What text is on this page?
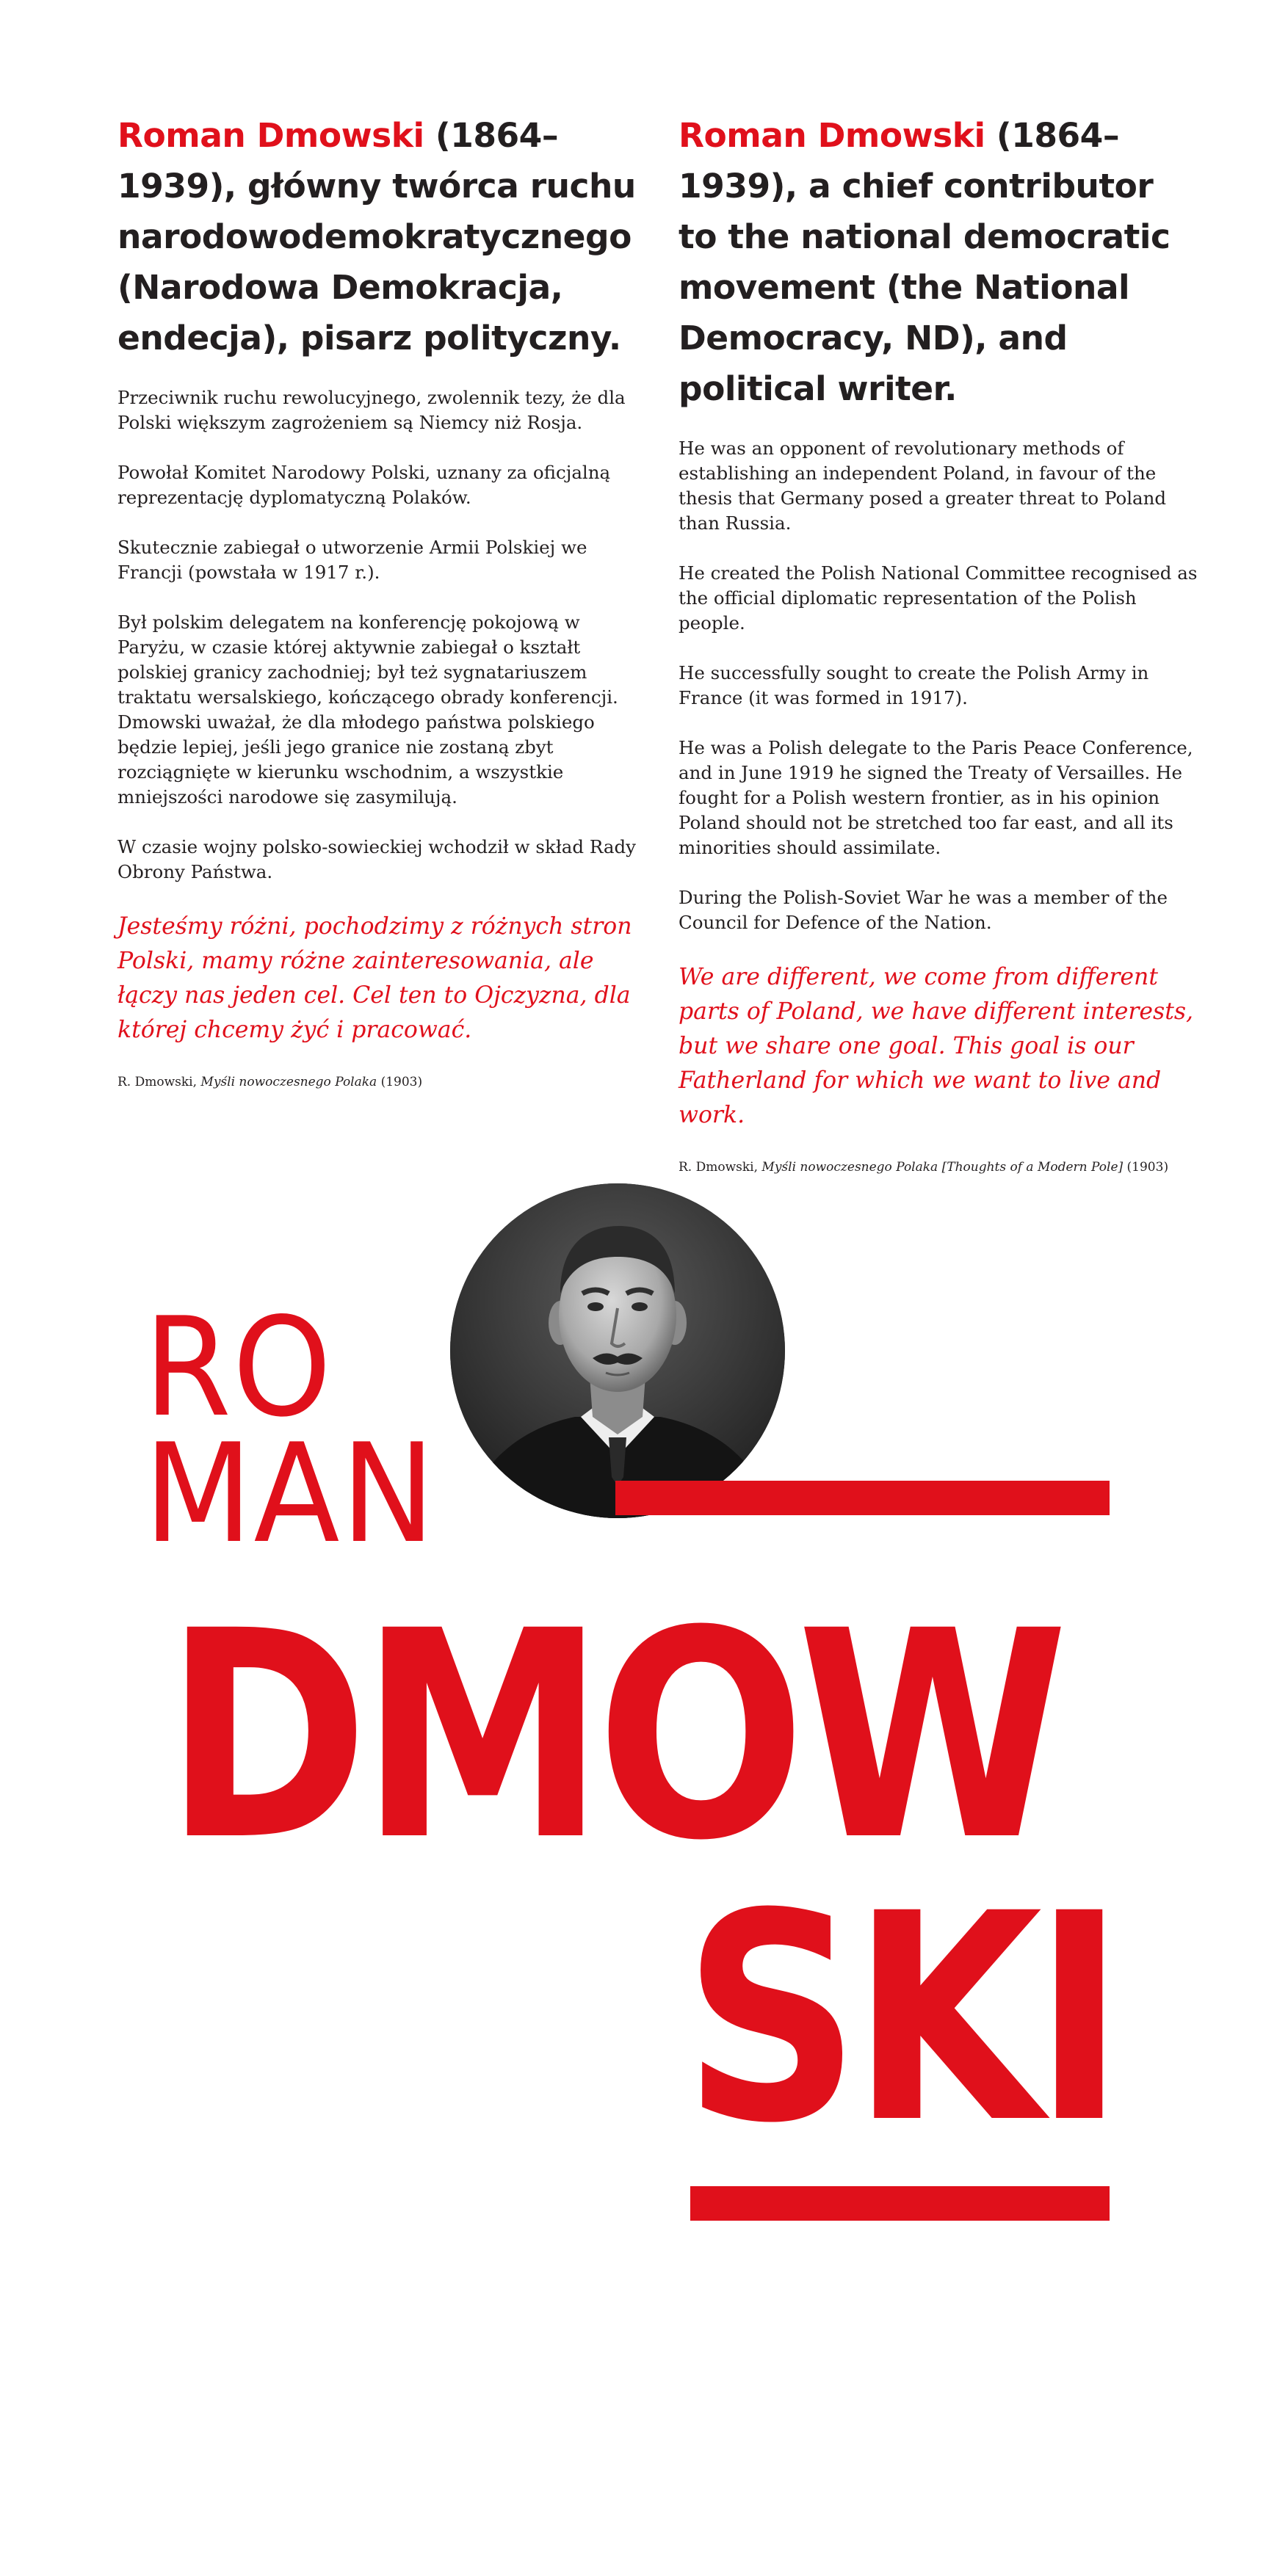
Roman Dmowski (1864–1939), główny twórca ruchu narodowodemokratycznego (Narodowa Demokracja, endecja), pisarz polityczny.

Przeciwnik ruchu rewolucyjnego, zwolennik tezy, że dla Polski większym zagrożeniem są Niemcy niż Rosja.

Powołał Komitet Narodowy Polski, uznany za oficjalną reprezentację dyplomatyczną Polaków.

Skutecznie zabiegał o utworzenie Armii Polskiej we Francji (powstała w 1917 r.).

Był polskim delegatem na konferencję pokojową w Paryżu, w czasie której aktywnie zabiegał o kształt polskiej granicy zachodniej; był też sygnatariuszem traktatu wersalskiego, kończącego obrady konferencji. Dmowski uważał, że dla młodego państwa polskiego będzie lepiej, jeśli jego granice nie zostaną zbyt rozciągnięte w kierunku wschodnim, a wszystkie mniejszości narodowe się zasymilują.

W czasie wojny polsko-sowieckiej wchodził w skład Rady Obrony Państwa.

Jesteśmy różni, pochodzimy z różnych stron Polski, mamy różne zainteresowania, ale łączy nas jeden cel. Cel ten to Ojczyzna, dla której chcemy żyć i pracować.

R. Dmowski, Myśli nowoczesnego Polaka (1903)
Roman Dmowski (1864–1939), a chief contributor to the national democratic movement (the National Democracy, ND), and political writer.

He was an opponent of revolutionary methods of establishing an independent Poland, in favour of the thesis that Germany posed a greater threat to Poland than Russia.

He created the Polish National Committee recognised as the official diplomatic representation of the Polish people.

He successfully sought to create the Polish Army in France (it was formed in 1917).

He was a Polish delegate to the Paris Peace Conference, and in June 1919 he signed the Treaty of Versailles. He fought for a Polish western frontier, as in his opinion Poland should not be stretched too far east, and all its minorities should assimilate.

During the Polish-Soviet War he was a member of the Council for Defence of the Nation.

We are different, we come from different parts of Poland, we have different interests, but we share one goal. This goal is our Fatherland for which we want to live and work.

R. Dmowski, Myśli nowoczesnego Polaka [Thoughts of a Modern Pole] (1903)
RO
MAN
DMOW
SKI
